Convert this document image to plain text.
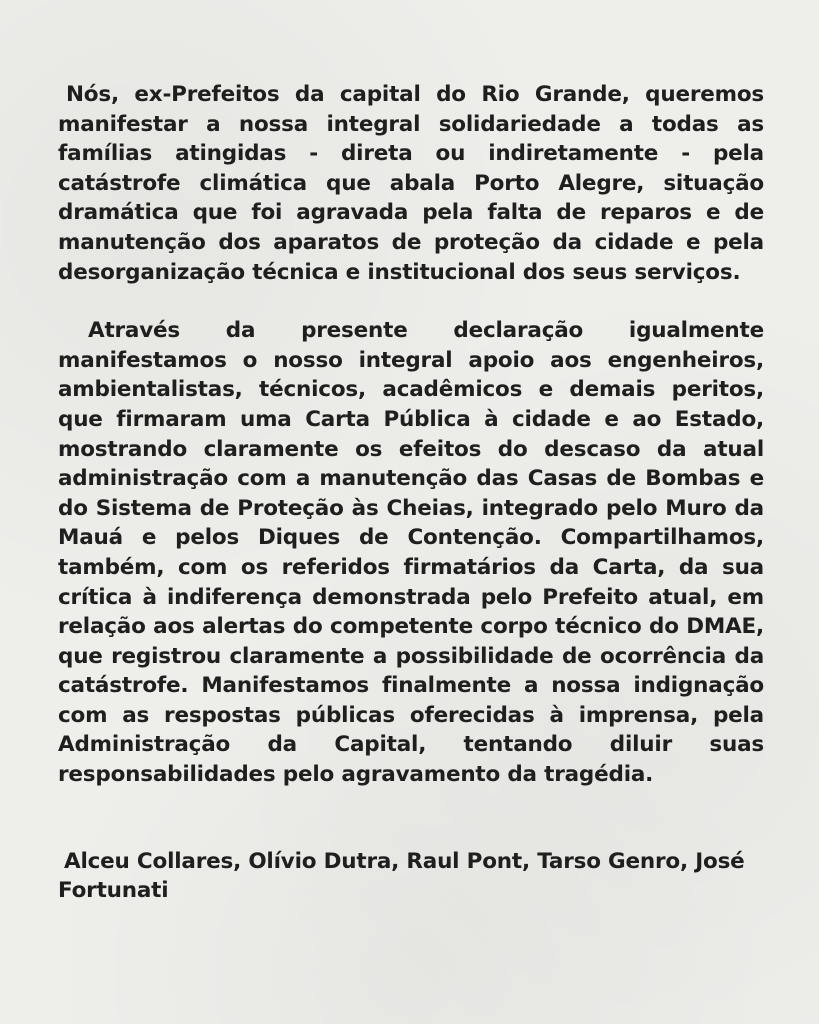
Nós, ex-Prefeitos da capital do Rio Grande, queremos manifestar a nossa integral solidariedade a todas as famílias atingidas - direta ou indiretamente - pela catástrofe climática que abala Porto Alegre, situação dramática que foi agravada pela falta de reparos e de manutenção dos aparatos de proteção da cidade e pela desorganização técnica e institucional dos seus serviços.

Através da presente declaração igualmente manifestamos o nosso integral apoio aos engenheiros, ambientalistas, técnicos, acadêmicos e demais peritos, que firmaram uma Carta Pública à cidade e ao Estado, mostrando claramente os efeitos do descaso da atual administração com a manutenção das Casas de Bombas e do Sistema de Proteção às Cheias, integrado pelo Muro da Mauá e pelos Diques de Contenção. Compartilhamos, também, com os referidos firmatários da Carta, da sua crítica à indiferença demonstrada pelo Prefeito atual, em relação aos alertas do competente corpo técnico do DMAE, que registrou claramente a possibilidade de ocorrência da catástrofe. Manifestamos finalmente a nossa indignação com as respostas públicas oferecidas à imprensa, pela Administração da Capital, tentando diluir suas responsabilidades pelo agravamento da tragédia.

Alceu Collares, Olívio Dutra, Raul Pont, Tarso Genro, José Fortunati
